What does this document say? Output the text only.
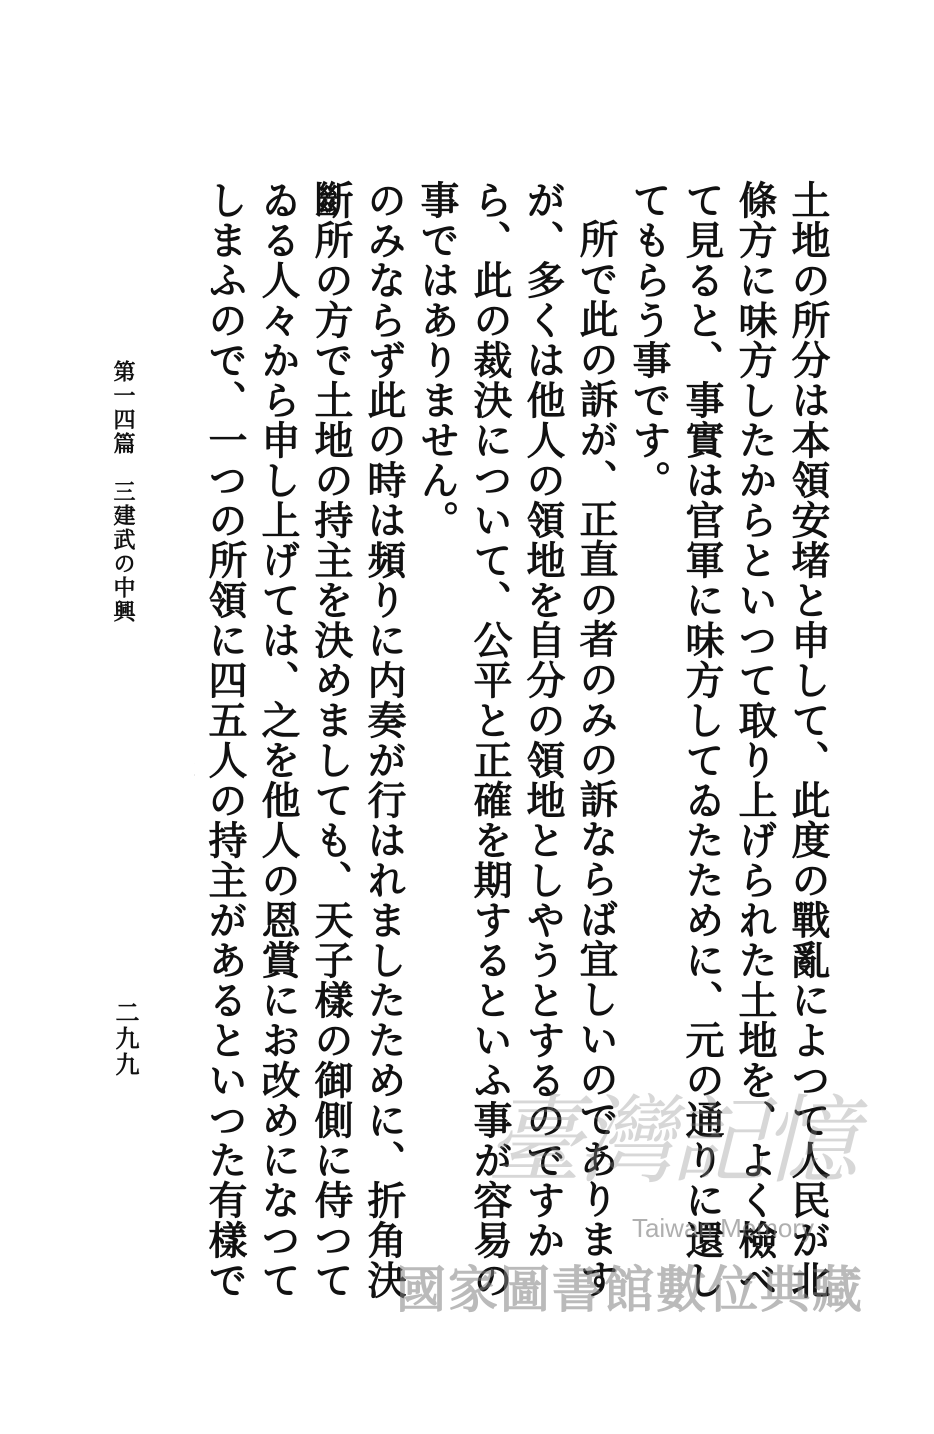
土地の所分は本領安堵と申して、此度の戰亂によつて人民が北條方に味方したからといつて取り上げられた土地を、よく檢べて見ると、事實は官軍に味方してゐたために、元の通りに還してもらう事です。

所で此の訴が、正直の者のみの訴ならば宜しいのでありますが、多くは他人の領地を自分の領地としやうとするのですから、此の裁決について、公平と正確を期するといふ事が容易の事ではありません。

のみならず此の時は頻りに内奏が行はれましたために、折角決斷所の方で土地の持主を決めましても、天子樣の御側に侍つてゐる人々から申し上げては、之を他人の恩賞にお改めになつてしまふので、一つの所領に四五人の持主があるといつた有樣で

第一四篇　三建武の中興
二九九
臺灣記憶
Taiwan Memory
國家圖書館數位典藏
